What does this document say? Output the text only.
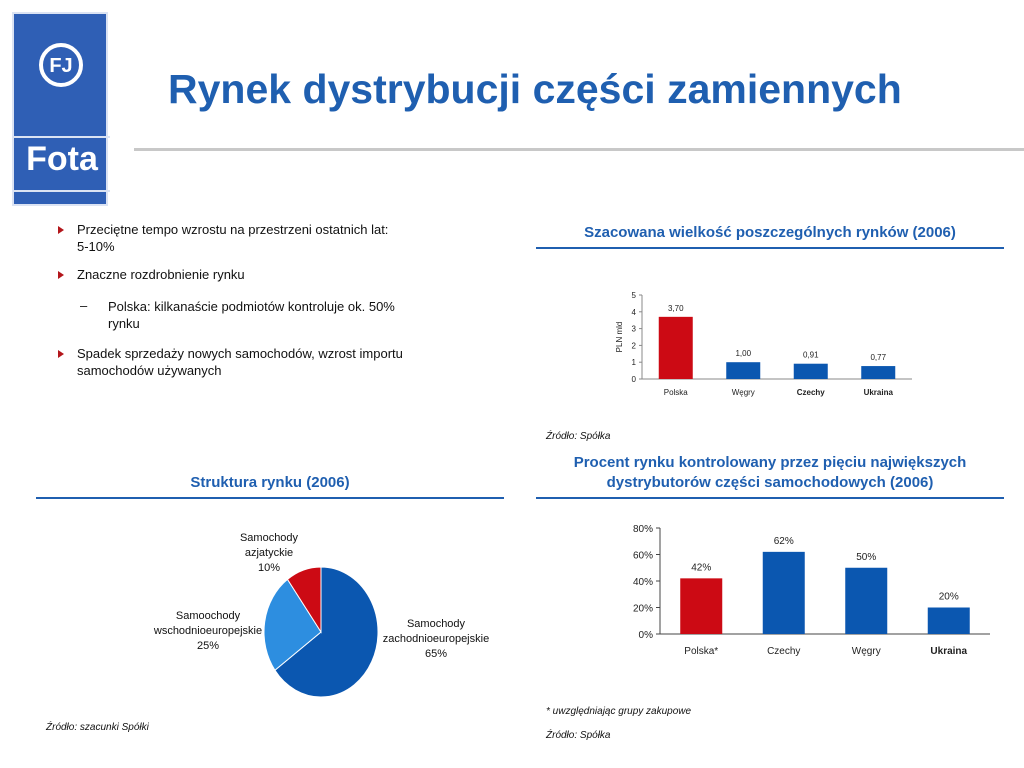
FJ
Fota
Rynek dystrybucji części zamiennych
Przeciętne tempo wzrostu na przestrzeni ostatnich lat:
5-10%
Znaczne rozdrobnienie rynku
– Polska: kilkanaście podmiotów kontroluje ok. 50% rynku
Spadek sprzedaży nowych samochodów, wzrost importu samochodów używanych
Szacowana wielkość poszczególnych rynków (2006)
0
1
2
3
4
5
PLN mld
3,70
Polska
1,00
Węgry
0,91
Czechy
0,77
Ukraina
Źródło: Spółka
Struktura rynku (2006)
Samochody
zachodnioeuropejskie
65%
Samoochody
wschodnioeuropejskie
25%
Samochody
azjatyckie
10%
Źródło: szacunki Spółki
Procent rynku kontrolowany przez pięciu największych
dystrybutorów części samochodowych (2006)
0%
20%
40%
60%
80%
42%
Polska*
62%
Czechy
50%
Węgry
20%
Ukraina
* uwzględniając grupy zakupowe
Źródło: Spółka
